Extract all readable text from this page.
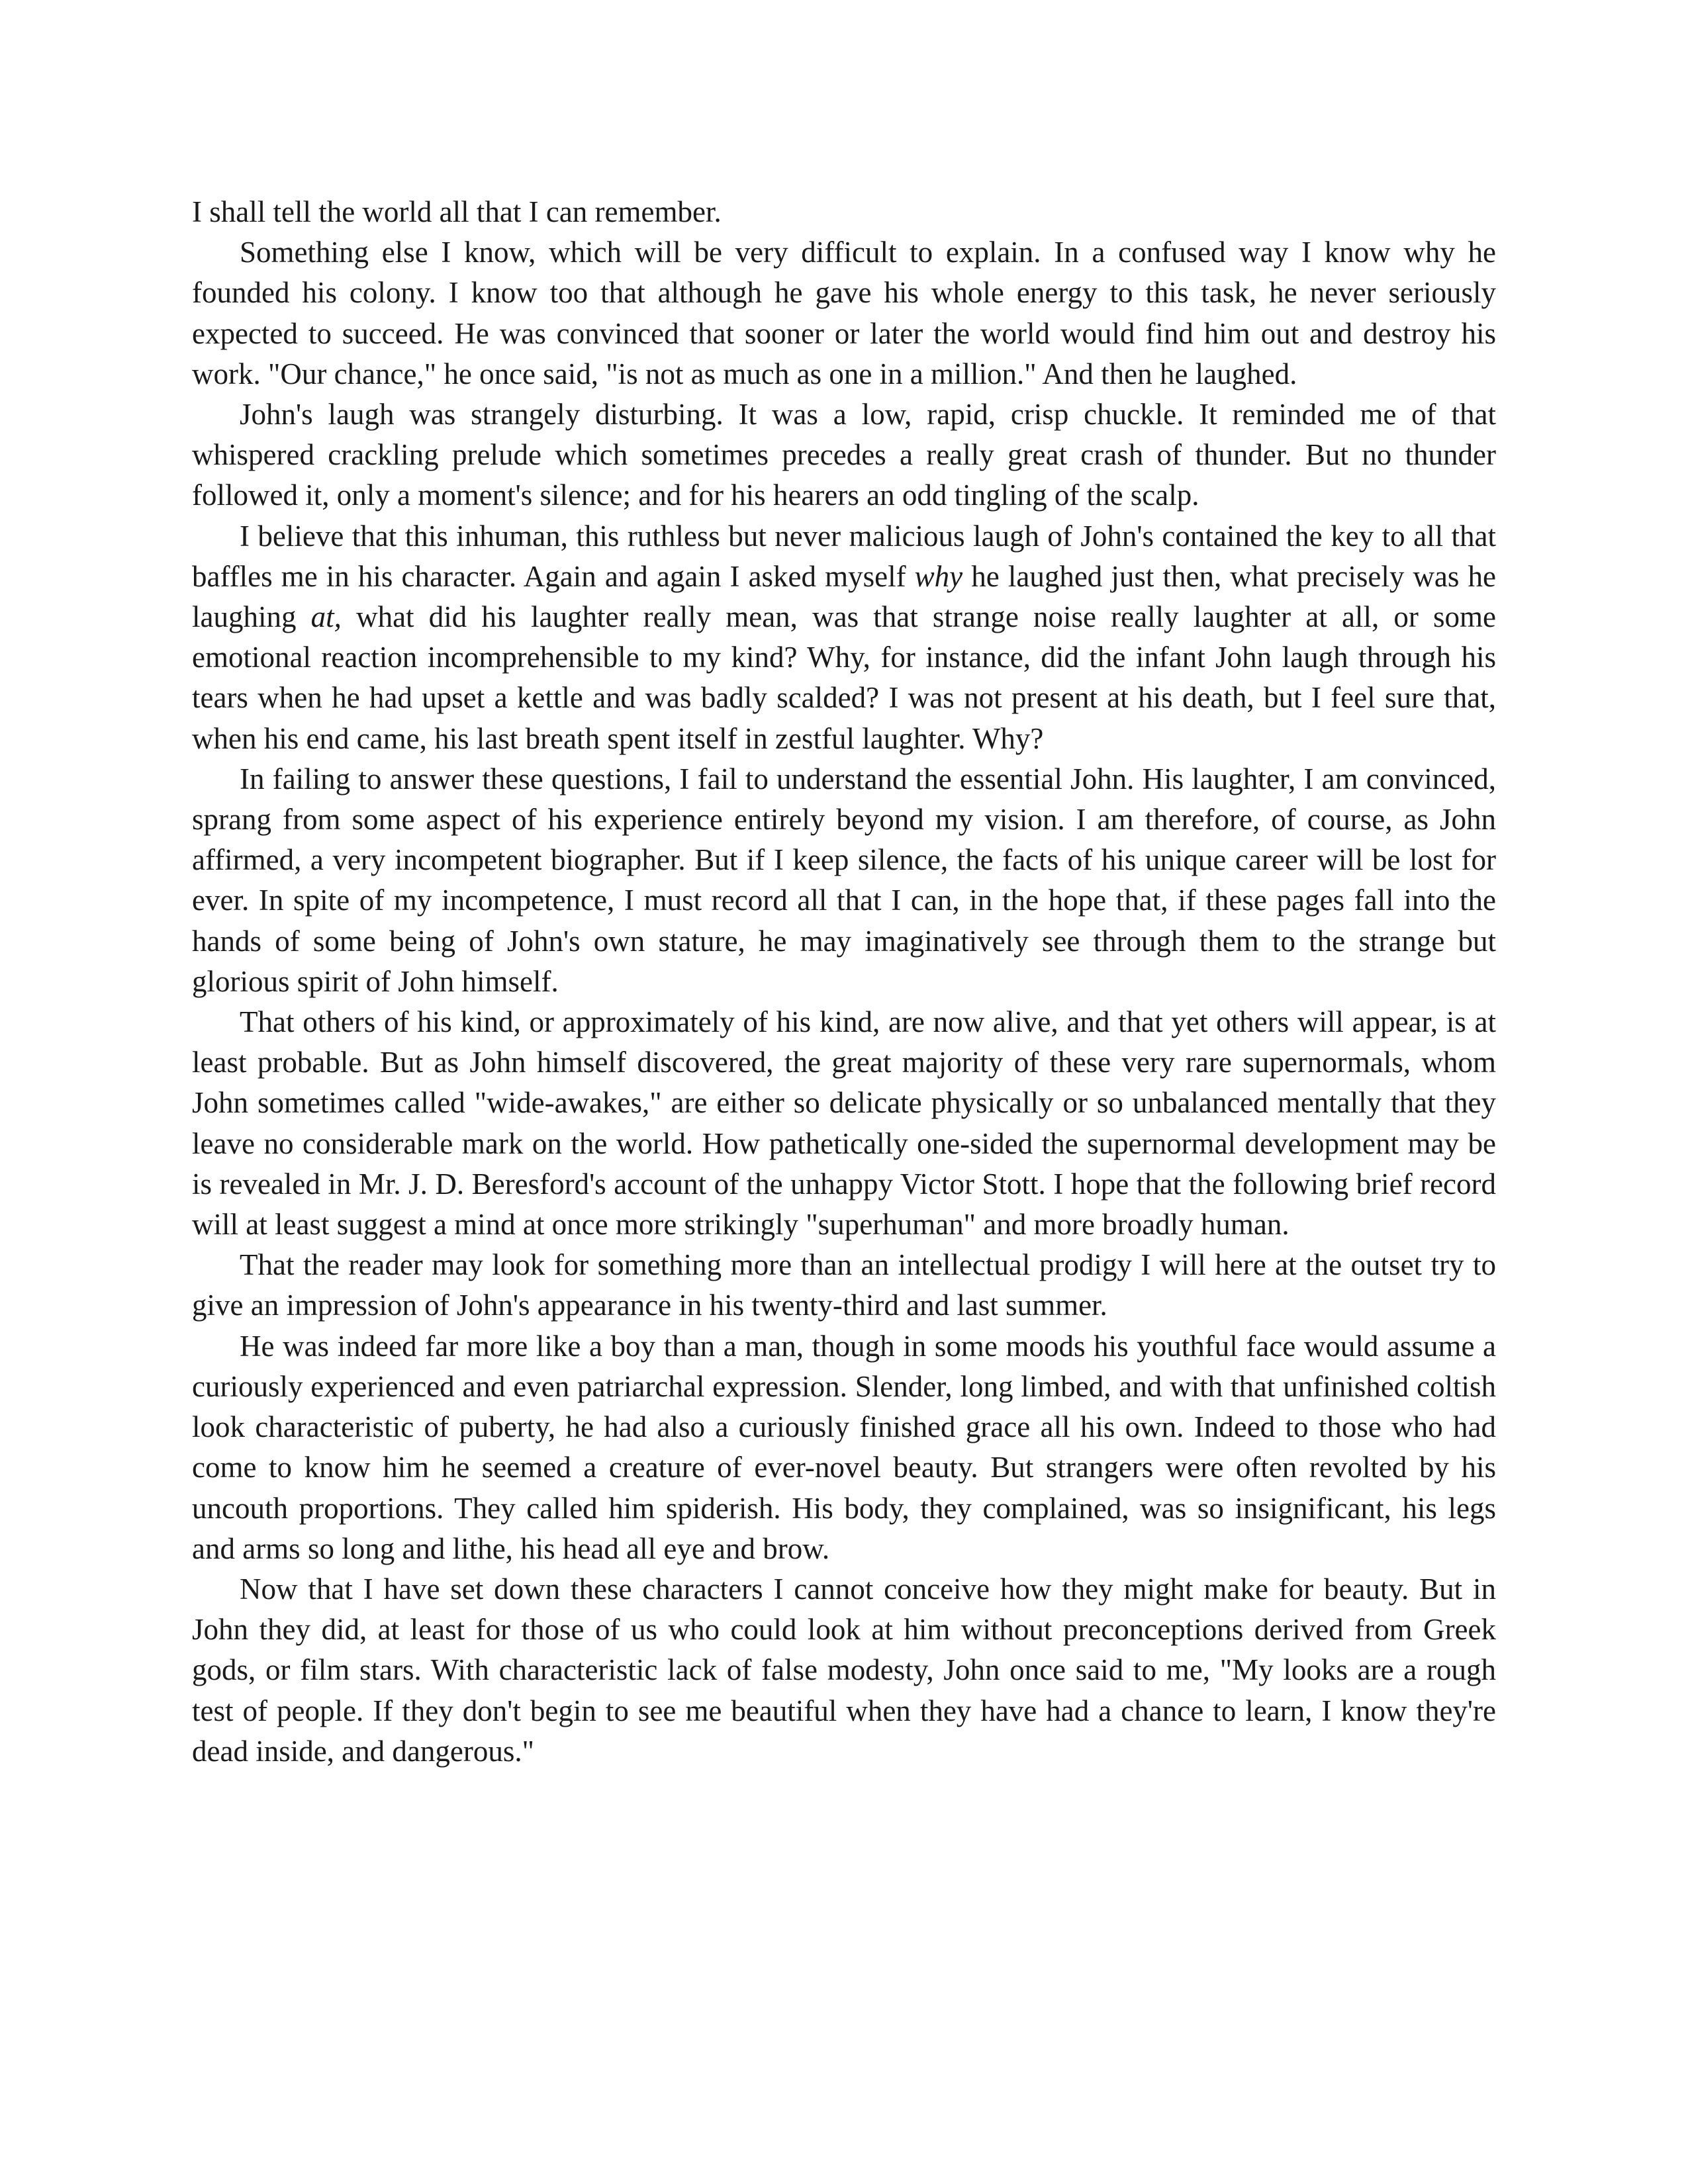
I shall tell the world all that I can remember.

Something else I know, which will be very difficult to explain. In a confused way I know why he founded his colony. I know too that although he gave his whole energy to this task, he never seriously expected to succeed. He was convinced that sooner or later the world would find him out and destroy his work. "Our chance," he once said, "is not as much as one in a million." And then he laughed.

John's laugh was strangely disturbing. It was a low, rapid, crisp chuckle. It reminded me of that whispered crackling prelude which sometimes precedes a really great crash of thunder. But no thunder followed it, only a moment's silence; and for his hearers an odd tingling of the scalp.

I believe that this inhuman, this ruthless but never malicious laugh of John's contained the key to all that baffles me in his character. Again and again I asked myself why he laughed just then, what precisely was he laughing at, what did his laughter really mean, was that strange noise really laughter at all, or some emotional reaction incomprehensible to my kind? Why, for instance, did the infant John laugh through his tears when he had upset a kettle and was badly scalded? I was not present at his death, but I feel sure that, when his end came, his last breath spent itself in zestful laughter. Why?

In failing to answer these questions, I fail to understand the essential John. His laughter, I am convinced, sprang from some aspect of his experience entirely beyond my vision. I am therefore, of course, as John affirmed, a very incompetent biographer. But if I keep silence, the facts of his unique career will be lost for ever. In spite of my incompetence, I must record all that I can, in the hope that, if these pages fall into the hands of some being of John's own stature, he may imaginatively see through them to the strange but glorious spirit of John himself.

That others of his kind, or approximately of his kind, are now alive, and that yet others will appear, is at least probable. But as John himself discovered, the great majority of these very rare supernormals, whom John sometimes called "wide-awakes," are either so delicate physically or so unbalanced mentally that they leave no considerable mark on the world. How pathetically one-sided the supernormal development may be is revealed in Mr. J. D. Beresford's account of the unhappy Victor Stott. I hope that the following brief record will at least suggest a mind at once more strikingly "superhuman" and more broadly human.

That the reader may look for something more than an intellectual prodigy I will here at the outset try to give an impression of John's appearance in his twenty-third and last summer.

He was indeed far more like a boy than a man, though in some moods his youthful face would assume a curiously experienced and even patriarchal expression. Slender, long limbed, and with that unfinished coltish look characteristic of puberty, he had also a curiously finished grace all his own. Indeed to those who had come to know him he seemed a creature of ever-novel beauty. But strangers were often revolted by his uncouth proportions. They called him spiderish. His body, they complained, was so insignificant, his legs and arms so long and lithe, his head all eye and brow.

Now that I have set down these characters I cannot conceive how they might make for beauty. But in John they did, at least for those of us who could look at him without preconceptions derived from Greek gods, or film stars. With characteristic lack of false modesty, John once said to me, "My looks are a rough test of people. If they don't begin to see me beautiful when they have had a chance to learn, I know they're dead inside, and dangerous."
